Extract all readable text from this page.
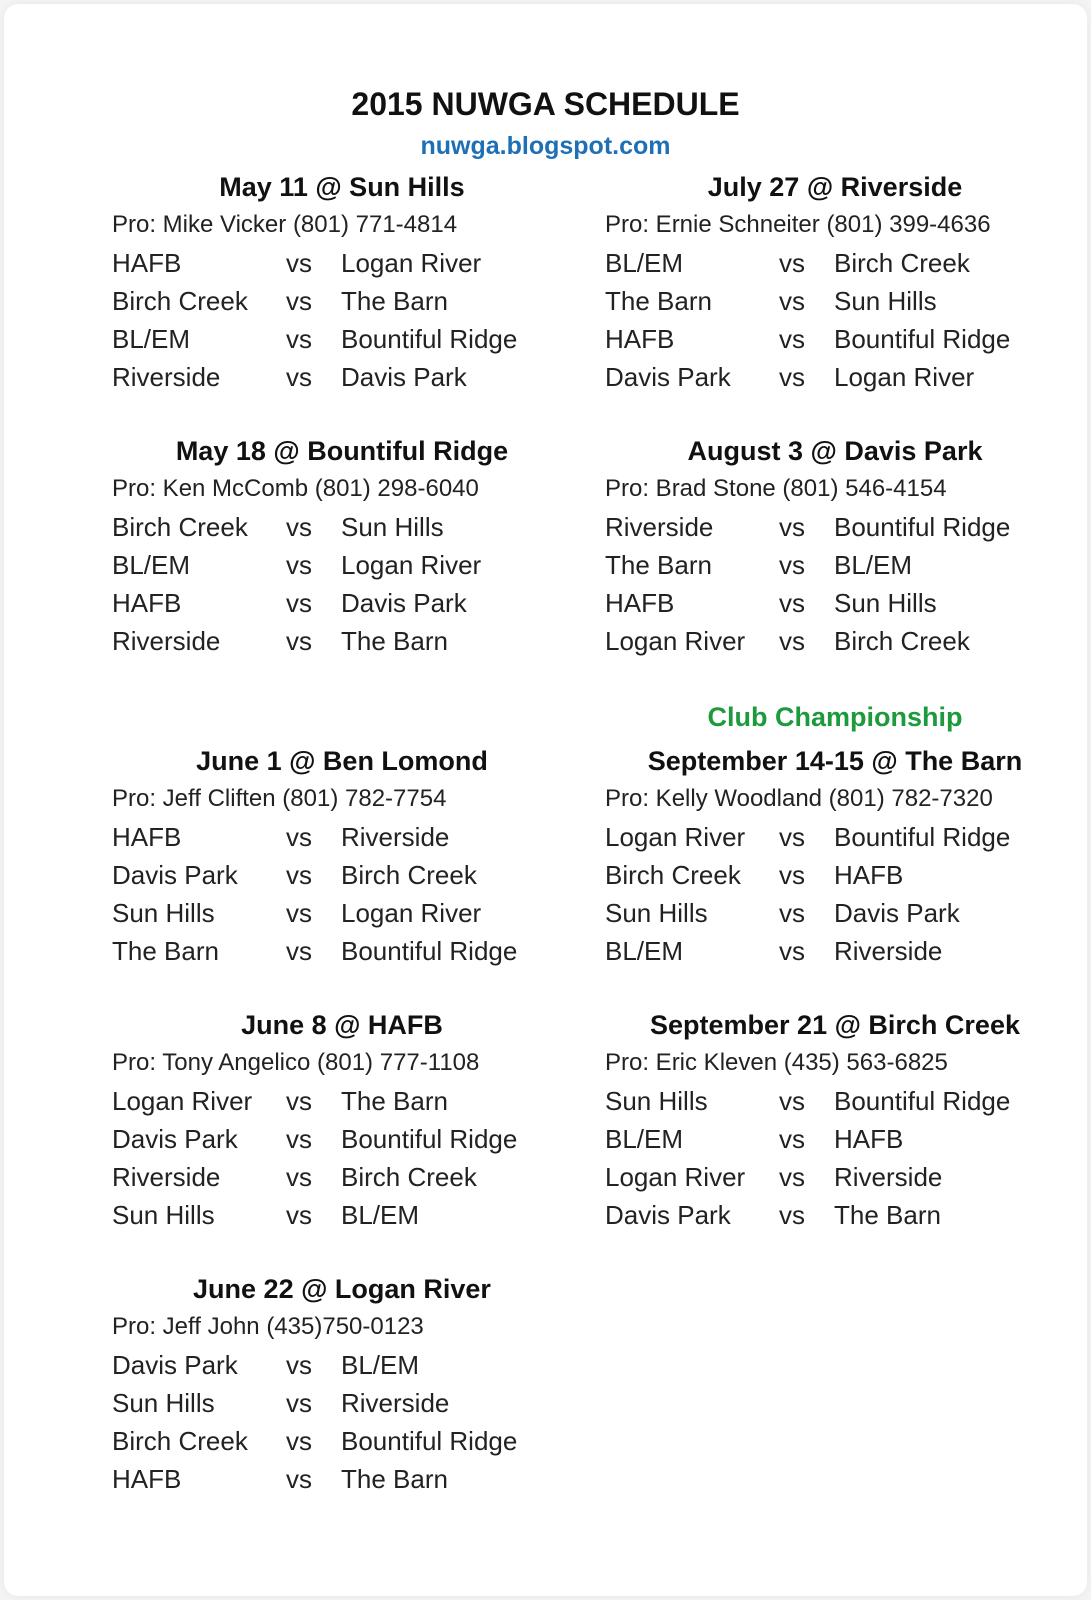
2015 NUWGA SCHEDULE
nuwga.blogspot.com
May 11 @ Sun Hills
Pro: Mike Vicker (801) 771-4814
HAFB	vs Logan River
Birch Creek vs The Barn
BL/EM	vs Bountiful Ridge
Riverside	vs Davis Park
July 27 @ Riverside
Pro: Ernie Schneiter (801) 399-4636
BL/EM	vs Birch Creek
The Barn	vs Sun Hills
HAFB	vs Bountiful Ridge
Davis Park vs Logan River
May 18 @ Bountiful Ridge
Pro: Ken McComb (801) 298-6040
Birch Creek vs Sun Hills
BL/EM	vs Logan River
HAFB	vs Davis Park
Riverside	vs The Barn
August 3 @ Davis Park
Pro: Brad Stone (801) 546-4154
Riverside	vs Bountiful Ridge
The Barn	vs BL/EM
HAFB	vs Sun Hills
Logan River vs Birch Creek
June 1 @ Ben Lomond
Pro: Jeff Cliften (801) 782-7754
HAFB	vs Riverside
Davis Park vs Birch Creek
Sun Hills	vs Logan River
The Barn	vs Bountiful Ridge
Club Championship
September 14-15 @ The Barn
Pro: Kelly Woodland (801) 782-7320
Logan River vs Bountiful Ridge
Birch Creek vs HAFB
Sun Hills	vs Davis Park
BL/EM	vs Riverside
June 8 @ HAFB
Pro: Tony Angelico (801) 777-1108
Logan River vs The Barn
Davis Park vs Bountiful Ridge
Riverside	vs Birch Creek
Sun Hills	vs BL/EM
September 21 @ Birch Creek
Pro: Eric Kleven (435) 563-6825
Sun Hills	vs Bountiful Ridge
BL/EM	vs HAFB
Logan River vs Riverside
Davis Park vs The Barn
June 22 @ Logan River
Pro: Jeff John (435)750-0123
Davis Park vs BL/EM
Sun Hills	vs Riverside
Birch Creek vs Bountiful Ridge
HAFB	vs The Barn
